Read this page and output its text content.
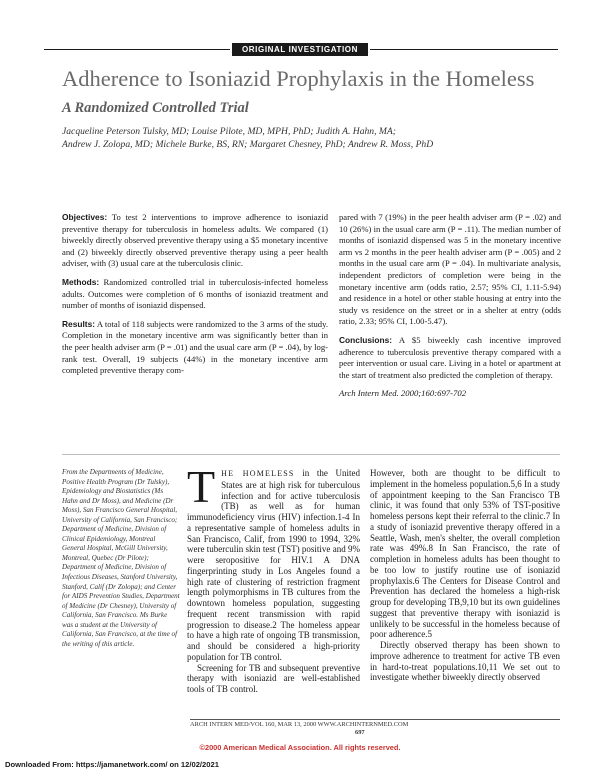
ORIGINAL INVESTIGATION
Adherence to Isoniazid Prophylaxis in the Homeless
A Randomized Controlled Trial
Jacqueline Peterson Tulsky, MD; Louise Pilote, MD, MPH, PhD; Judith A. Hahn, MA;
Andrew J. Zolopa, MD; Michele Burke, BS, RN; Margaret Chesney, PhD; Andrew R. Moss, PhD

Objectives: To test 2 interventions to improve adherence to isoniazid preventive therapy for tuberculosis in homeless adults. We compared (1) biweekly directly observed preventive therapy using a $5 monetary incentive and (2) biweekly directly observed preventive therapy using a peer health adviser, with (3) usual care at the tuberculosis clinic.

Methods: Randomized controlled trial in tuberculosis-infected homeless adults. Outcomes were completion of 6 months of isoniazid treatment and number of months of isoniazid dispensed.

Results: A total of 118 subjects were randomized to the 3 arms of the study. Completion in the monetary incentive arm was significantly better than in the peer health adviser arm (P = .01) and the usual care arm (P = .04), by log-rank test. Overall, 19 subjects (44%) in the monetary incentive arm completed preventive therapy com-

pared with 7 (19%) in the peer health adviser arm (P = .02) and 10 (26%) in the usual care arm (P = .11). The median number of months of isoniazid dispensed was 5 in the monetary incentive arm vs 2 months in the peer health adviser arm (P = .005) and 2 months in the usual care arm (P = .04). In multivariate analysis, independent predictors of completion were being in the monetary incentive arm (odds ratio, 2.57; 95% CI, 1.11-5.94) and residence in a hotel or other stable housing at entry into the study vs residence on the street or in a shelter at entry (odds ratio, 2.33; 95% CI, 1.00-5.47).

Conclusions: A $5 biweekly cash incentive improved adherence to tuberculosis preventive therapy compared with a peer intervention or usual care. Living in a hotel or apartment at the start of treatment also predicted the completion of therapy.

Arch Intern Med. 2000;160:697-702
From the Departments of Medicine, Positive Health Program (Dr Tulsky), Epidemiology and Biostatistics (Ms Hahn and Dr Moss), and Medicine (Dr Moss), San Francisco General Hospital, University of California, San Francisco; Department of Medicine, Division of Clinical Epidemiology, Montreal General Hospital, McGill University, Montreal, Quebec (Dr Pilote); Department of Medicine, Division of Infectious Diseases, Stanford University, Stanford, Calif (Dr Zolopa); and Center for AIDS Prevention Studies, Department of Medicine (Dr Chesney), University of California, San Francisco. Ms Burke was a student at the University of California, San Francisco, at the time of the writing of this article.

THE HOMELESS in the United States are at high risk for tuberculous infection and for active tuberculosis (TB) as well as for human immunodeficiency virus (HIV) infection.1-4 In a representative sample of homeless adults in San Francisco, Calif, from 1990 to 1994, 32% were tuberculin skin test (TST) positive and 9% were seropositive for HIV.1 A DNA fingerprinting study in Los Angeles found a high rate of clustering of restriction fragment length polymorphisms in TB cultures from the downtown homeless population, suggesting frequent recent transmission with rapid progression to disease.2 The homeless appear to have a high rate of ongoing TB transmission, and should be considered a high-priority population for TB control.

Screening for TB and subsequent preventive therapy with isoniazid are well-established tools of TB control.

However, both are thought to be difficult to implement in the homeless population.5,6 In a study of appointment keeping to the San Francisco TB clinic, it was found that only 53% of TST-positive homeless persons kept their referral to the clinic.7 In a study of isoniazid preventive therapy offered in a Seattle, Wash, men's shelter, the overall completion rate was 49%.8 In San Francisco, the rate of completion in homeless adults has been thought to be too low to justify routine use of isoniazid prophylaxis.6 The Centers for Disease Control and Prevention has declared the homeless a high-risk group for developing TB,9,10 but its own guidelines suggest that preventive therapy with isoniazid is unlikely to be successful in the homeless because of poor adherence.5

Directly observed therapy has been shown to improve adherence to treatment for active TB even in hard-to-treat populations.10,11 We set out to investigate whether biweekly directly observed

ARCH INTERN MED/VOL 160, MAR 13, 2000 WWW.ARCHINTERNMED.COM
697
©2000 American Medical Association. All rights reserved.
Downloaded From: https://jamanetwork.com/ on 12/02/2021
